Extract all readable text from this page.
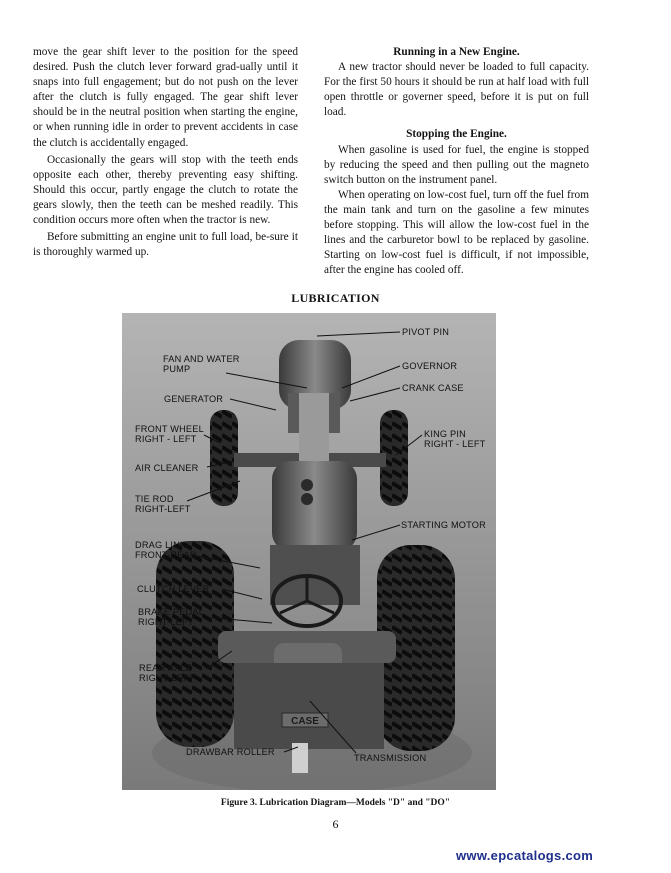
move the gear shift lever to the position for the speed desired. Push the clutch lever forward grad-ually until it snaps into full engagement; but do not push on the lever after the clutch is fully engaged. The gear shift lever should be in the neutral position when starting the engine, or when running idle in order to prevent accidents in case the clutch is accidentally engaged.

Occasionally the gears will stop with the teeth ends opposite each other, thereby preventing easy shifting. Should this occur, partly engage the clutch to rotate the gears slowly, then the teeth can be meshed readily. This condition occurs more often when the tractor is new.

Before submitting an engine unit to full load, be-sure it is thoroughly warmed up.

Running in a New Engine.

A new tractor should never be loaded to full capacity. For the first 50 hours it should be run at half load with full open throttle or governer speed, before it is put on full load.

Stopping the Engine.

When gasoline is used for fuel, the engine is stopped by reducing the speed and then pulling out the magneto switch button on the instrument panel.

When operating on low-cost fuel, turn off the fuel from the main tank and turn on the gasoline a few minutes before stopping. This will allow the low-cost fuel in the lines and the carburetor bowl to be replaced by gasoline. Starting on low-cost fuel is difficult, if not impossible, after the engine has cooled off.

LUBRICATION
CASE
PIVOT PIN
FAN AND WATER
PUMP	GOVERNOR
GENERATOR
CRANK CASE
FRONT WHEEL
RIGHT - LEFT	KING PIN
RIGHT - LEFT
AIR CLEANER
TIE ROD
RIGHT-LEFT
STARTING MOTOR
DRAG LINK
FRONT-REAR
CLUTCH LEVER
BRAKE PEDAL
RIGHT-LEFT
REAR AXLE
RIGHT-LEFT
DRAWBAR ROLLER
TRANSMISSION
Figure 3. Lubrication Diagram—Models "D" and "DO"
6
www.epcatalogs.com
